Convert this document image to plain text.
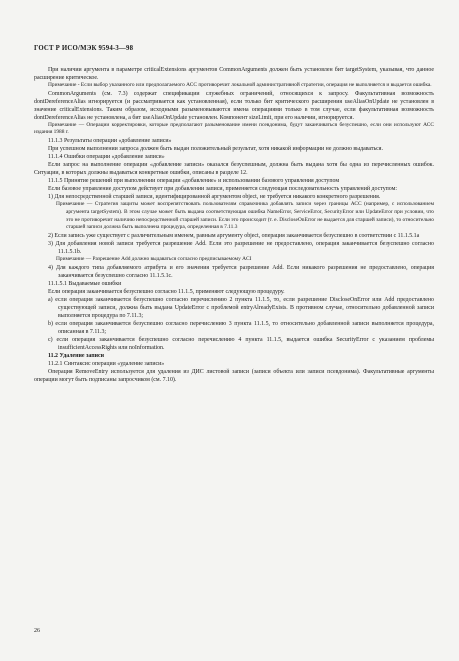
ГОСТ Р ИСО/МЭК 9594-3—98

При наличии аргумента в параметре criticalExtensions аргументов CommonArguments должен быть установлен бит targetSystem, указывая, что данное расширение критическое.

Примечание - Если выбор указанного или предполагаемого АСС противоречит локальной административной стратегии, операция не выполняется и выдается ошибка.

CommonArguments (см. 7.3) содержат спецификации служебных ограничений, относящихся к запросу. Факультативная возможность dontDereferenceAlias игнорируется (и рассматривается как установленная), если только бит критического расширения useAliasOnUpdate не установлен в значение criticalExtensions. Таким образом, исходными разыменовываются имена операциями только в том случае, если факультативная возможность dontDereferenceAlias не установлена, а бит useAliasOnUpdate установлен. Компонент sizeLimit, при его наличии, игнорируется.

Примечание — Операции корректировки, которые предполагают разыменование имени псевдонима, будут заканчиваться безуспешно, если они используют АСС издания 1988 г.

11.1.3 Результаты операции «добавление записи»

При успешном выполнении запроса должен быть выдан положительный результат, хотя никакой информации не должно выдаваться.

11.1.4 Ошибки операции «добавление записи»

Если запрос на выполнение операции «добавление записи» оказался безуспешным, должна быть выдана хотя бы одна из перечисленных ошибок. Ситуации, в которых должны выдаваться конкретные ошибки, описаны в разделе 12.

11.1.5 Принятие решений при выполнении операции «добавление» и использовании базового управления доступом

Если базовое управление доступом действует при добавлении записи, применяется следующая последовательность управлений доступом:

1) Для непосредственной старшей записи, идентифицированной аргументом object, не требуется никакого конкретного разрешения.

Примечание — Стратегия защиты может воспрепятствовать пользователям справочника добавлять записи через границы АСС (например, с использованием аргумента targetSystem). В этом случае может быть выдана соответствующая ошибка NameError, ServiceError, SecurityError или UpdateError при условии, что это не противоречит наличию непосредственной старшей записи. Если это происходит (т. е. DiscloseOnError не выдается для старшей записи), то относительно старшей записи должна быть выполнена процедура, определенная в 7.11.3

2) Если запись уже существует с различительным именем, равным аргументу object, операция заканчивается безуспешно в соответствии с 11.1.5.1а

3) Для добавления новой записи требуется разрешение Add. Если это разрешение не предоставлено, операция заканчивается безуспешно согласно 11.1.5.1b.

Примечание — Разрешение Add должно выдаваться согласно предписываемому ACI

4) Для каждого типа добавляемого атрибута и его значения требуется разрешение Add. Если никакого разрешения не предоставлено, операция заканчивается безуспешно согласно 11.1.5.1с.

11.1.5.1 Выдаваемые ошибки

Если операция заканчивается безуспешно согласно 11.1.5, применяют следующую процедуру.

а) если операция заканчивается безуспешно согласно перечислению 2 пункта 11.1.5, то, если разрешение DiscloseOnError или Add предоставлено существующей записи, должна быть выдана UpdateError с проблемой entryAlreadyExists. В противном случае, относительно добавленной записи выполняется процедура по 7.11.3;

b) если операция заканчивается безуспешно согласно перечислению 3 пункта 11.1.5, то относительно добавленной записи выполняется процедура, описанная в 7.11.3;

с) если операция заканчивается безуспешно согласно перечислению 4 пункта 11.1.5, выдается ошибка SecurityError с указанием проблемы insufficientAccessRights или noInformation.

11.2 Удаление записи

11.2.1 Синтаксис операции «удаление записи»

Операция RemoveEntry используется для удаления из ДИС листовой записи (записи объекта или записи псевдонима). Факультативные аргументы операции могут быть подписаны запросчиком (см. 7.10).

26
